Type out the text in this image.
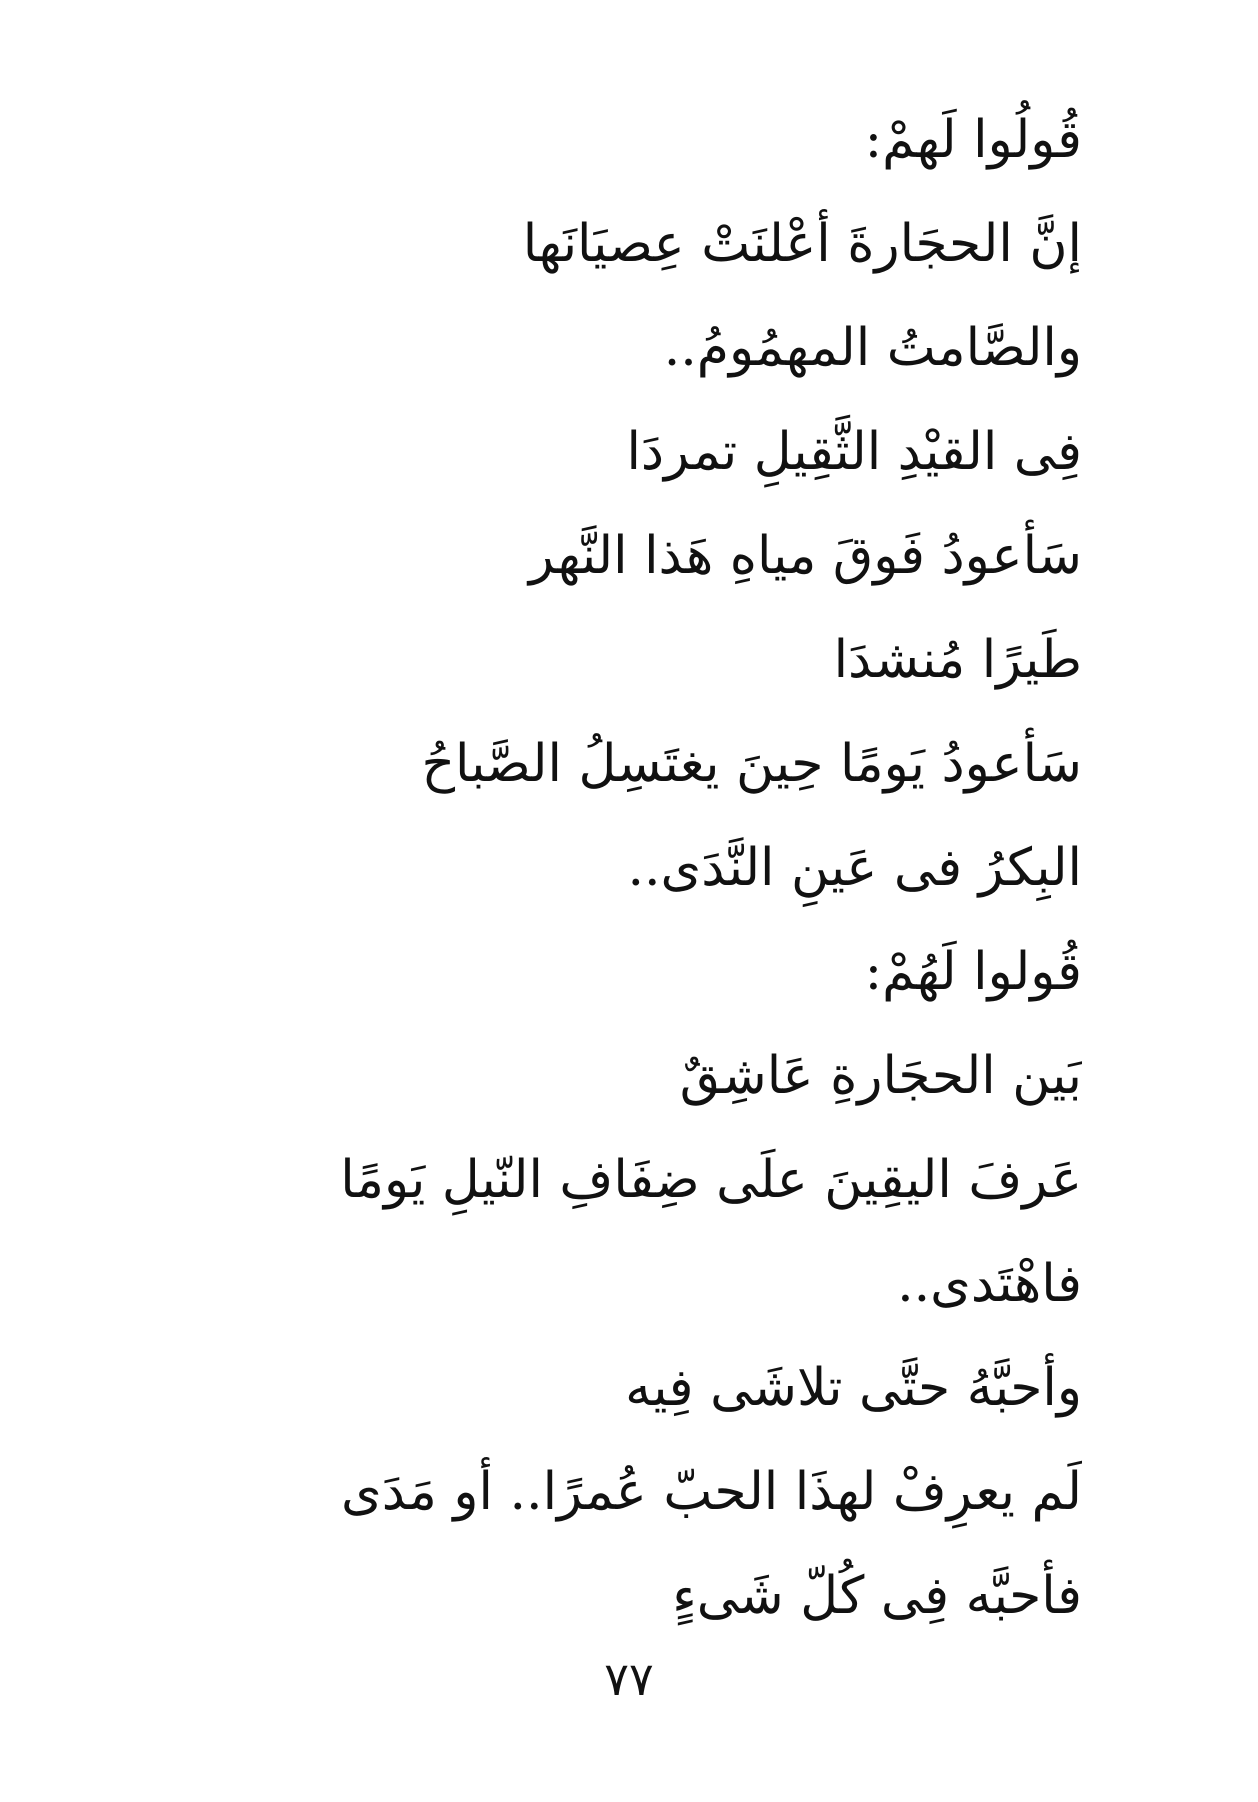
قُولُوا لَهمْ:
إنَّ الحجَارةَ أعْلنَتْ عِصيَانَها
والصَّامتُ المهمُومُ..
فِى القيْدِ الثَّقِيلِ تمردَا
سَأعودُ فَوقَ مياهِ هَذا النَّهر
طَيرًا مُنشدَا
سَأعودُ يَومًا حِينَ يغتَسِلُ الصَّباحُ
البِكرُ فى عَينِ النَّدَى..
قُولوا لَهُمْ:
بَين الحجَارةِ عَاشِقٌ
عَرفَ اليقِينَ علَى ضِفَافِ النّيلِ يَومًا
فاهْتَدى..
وأحبَّهُ حتَّى تلاشَى فِيه
لَم يعرِفْ لهذَا الحبّ عُمرًا.. أو مَدَى
فأحبَّه فِى كُلّ شَىءٍ
٧٧
